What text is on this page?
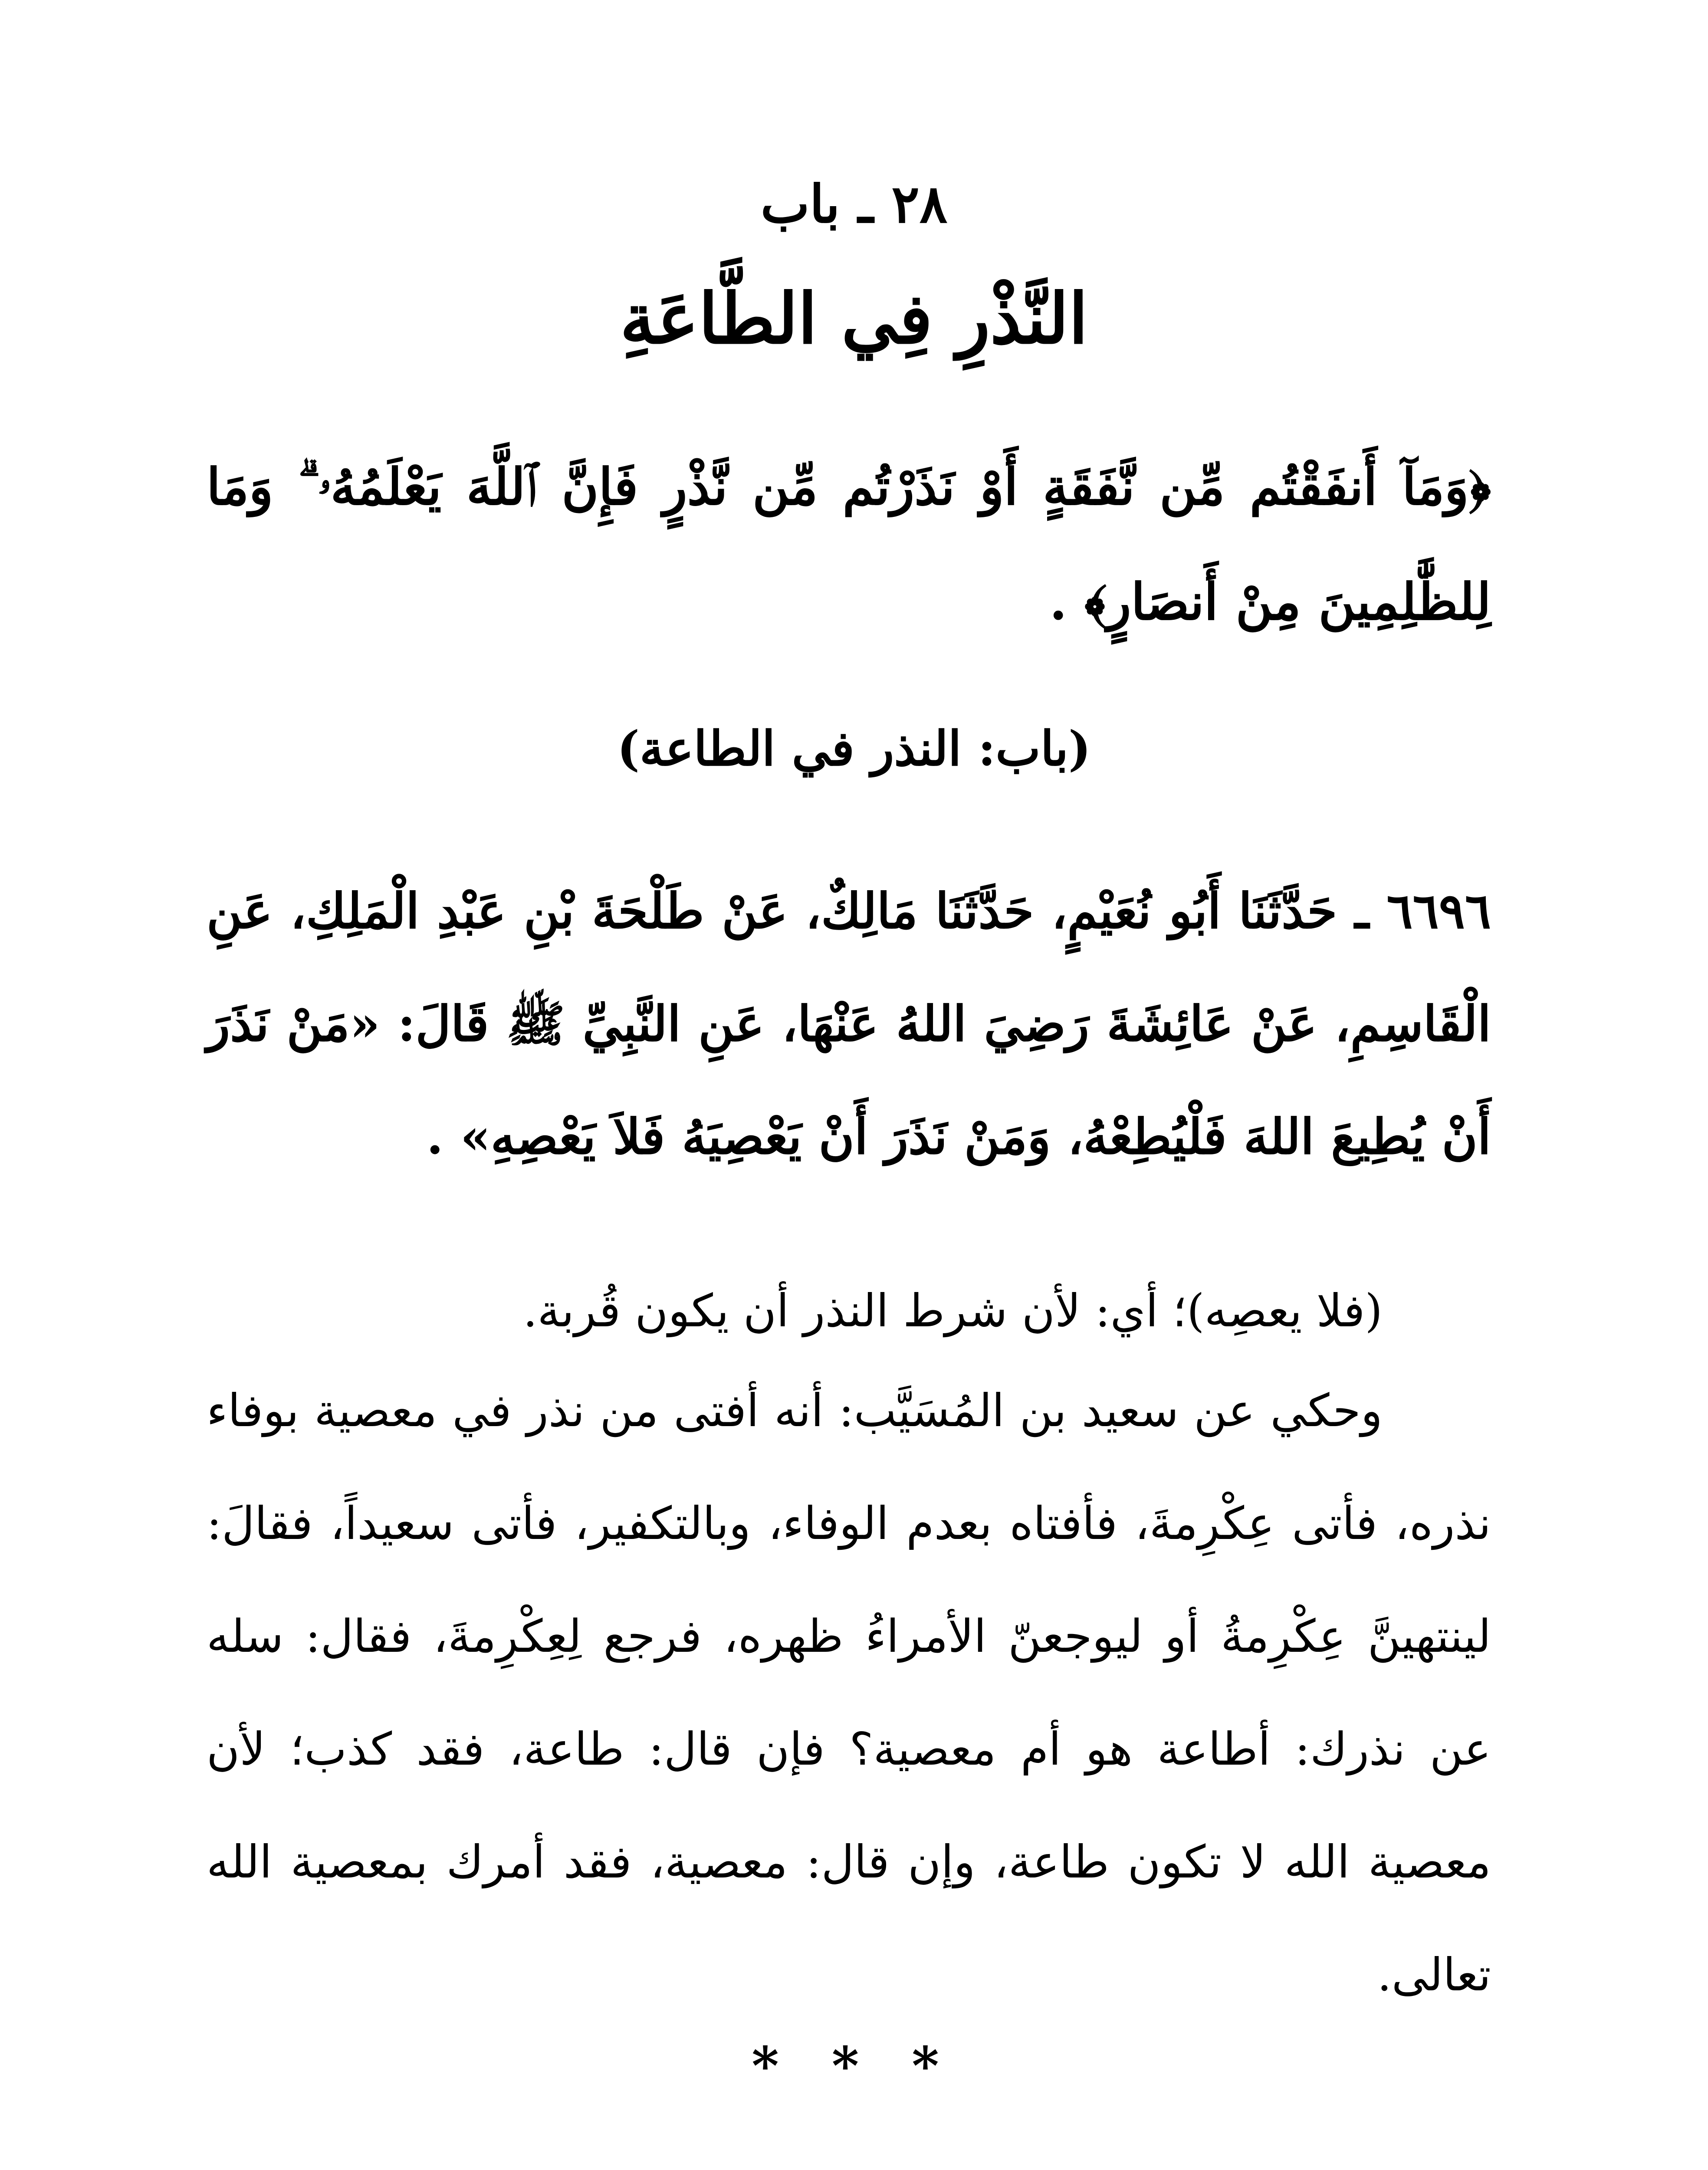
٢٨ ـ باب
النَّذْرِ فِي الطَّاعَةِ
﴿وَمَآ أَنفَقْتُم مِّن نَّفَقَةٍ أَوْ نَذَرْتُم مِّن نَّذْرٍ فَإِنَّ ٱللَّهَ يَعْلَمُهُۥ ۗ وَمَا لِلظَّٰلِمِينَ مِنْ أَنصَارٍ﴾ .
(باب: النذر في الطاعة)
٦٦٩٦ ـ حَدَّثَنَا أَبُو نُعَيْمٍ، حَدَّثَنَا مَالِكٌ، عَنْ طَلْحَةَ بْنِ عَبْدِ الْمَلِكِ، عَنِ الْقَاسِمِ، عَنْ عَائِشَةَ رَضِيَ اللهُ عَنْهَا، عَنِ النَّبِيِّ ﷺ قَالَ: «مَنْ نَذَرَ أَنْ يُطِيعَ اللهَ فَلْيُطِعْهُ، وَمَنْ نَذَرَ أَنْ يَعْصِيَهُ فَلاَ يَعْصِهِ» .
(فلا يعصِه)؛ أي: لأن شرط النذر أن يكون قُربة.
وحكي عن سعيد بن المُسَيَّب: أنه أفتى من نذر في معصية بوفاء نذره، فأتى عِكْرِمةَ، فأفتاه بعدم الوفاء، وبالتكفير، فأتى سعيداً، فقالَ: لينتهينَّ عِكْرِمةُ أو ليوجعنّ الأمراءُ ظهره، فرجع لِعِكْرِمةَ، فقال: سله عن نذرك: أطاعة هو أم معصية؟ فإن قال: طاعة، فقد كذب؛ لأن معصية الله لا تكون طاعة، وإن قال: معصية، فقد أمرك بمعصية الله تعالى.
* * *
